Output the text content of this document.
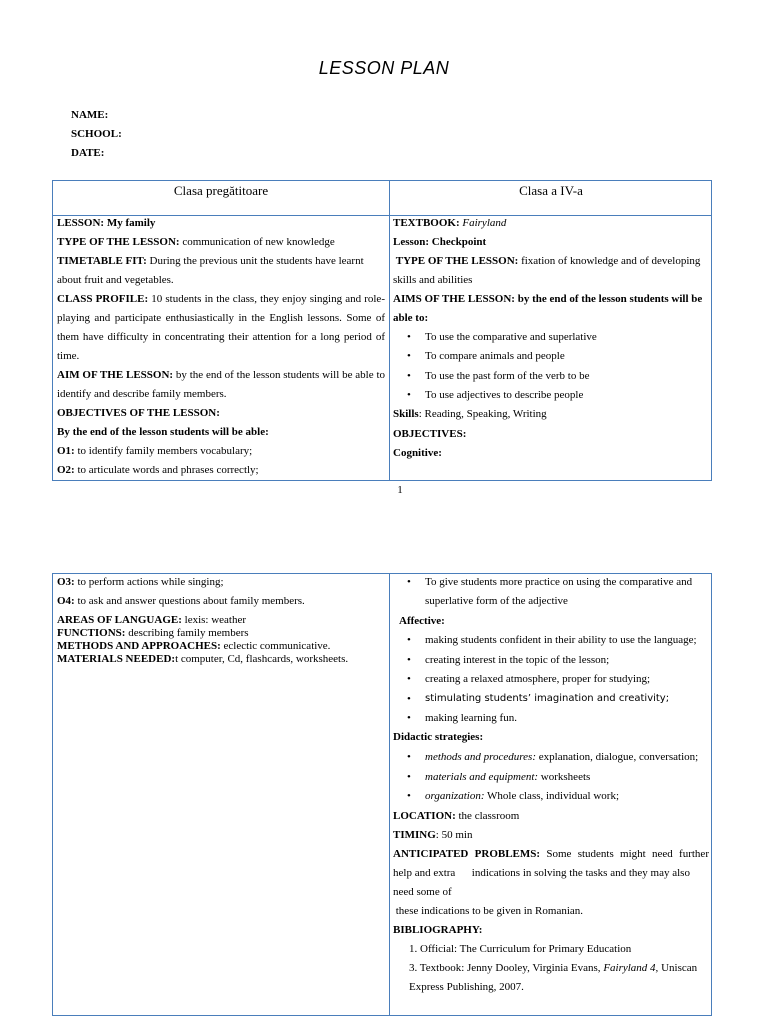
LESSON PLAN
NAME:
SCHOOL:
DATE:
Clasa pregătitoare	Clasa a IV-a
LESSON: My family
TYPE OF THE LESSON: communication of new knowledge
TIMETABLE FIT: During the previous unit the students have learnt
about fruit and vegetables.
CLASS PROFILE: 10 students in the class, they enjoy singing and role-
playing and participate enthusiastically in the English lessons. Some of
them have difficulty in concentrating their attention for a long period of
time.
AIM OF THE LESSON: by the end of the lesson students will be able to
identify and describe family members.
OBJECTIVES OF THE LESSON:
By the end of the lesson students will be able:
O1: to identify family members vocabulary;
O2: to articulate words and phrases correctly;
TEXTBOOK: Fairyland
Lesson: Checkpoint
TYPE OF THE LESSON: fixation of knowledge and of developing
skills and abilities
AIMS OF THE LESSON: by the end of the lesson students will be
able to:
• To use the comparative and superlative
• To compare animals and people
• To use the past form of the verb to be
• To use adjectives to describe people
Skills: Reading, Speaking, Writing
OBJECTIVES:
Cognitive:
1
O3: to perform actions while singing;
O4: to ask and answer questions about family members.
AREAS OF LANGUAGE: lexis: weather
FUNCTIONS: describing family members
METHODS AND APPROACHES: eclectic communicative.
MATERIALS NEEDED:t computer, Cd, flashcards, worksheets.
• To give students more practice on using the comparative and
superlative form of the adjective
Affective:
• making students confident in their ability to use the language;
• creating interest in the topic of the lesson;
• creating a relaxed atmosphere, proper for studying;
• stimulating students’ imagination and creativity;
• making learning fun.
Didactic strategies:
• methods and procedures: explanation, dialogue, conversation;
• materials and equipment: worksheets
• organization: Whole class, individual work;
LOCATION: the classroom
TIMING: 50 min
ANTICIPATED PROBLEMS: Some students might need further
help and extra      indications in solving the tasks and they may also
need some of
these indications to be given in Romanian.
BIBLIOGRAPHY:
1. Official: The Curriculum for Primary Education
3. Textbook: Jenny Dooley, Virginia Evans, Fairyland 4, Uniscan
Express Publishing, 2007.
